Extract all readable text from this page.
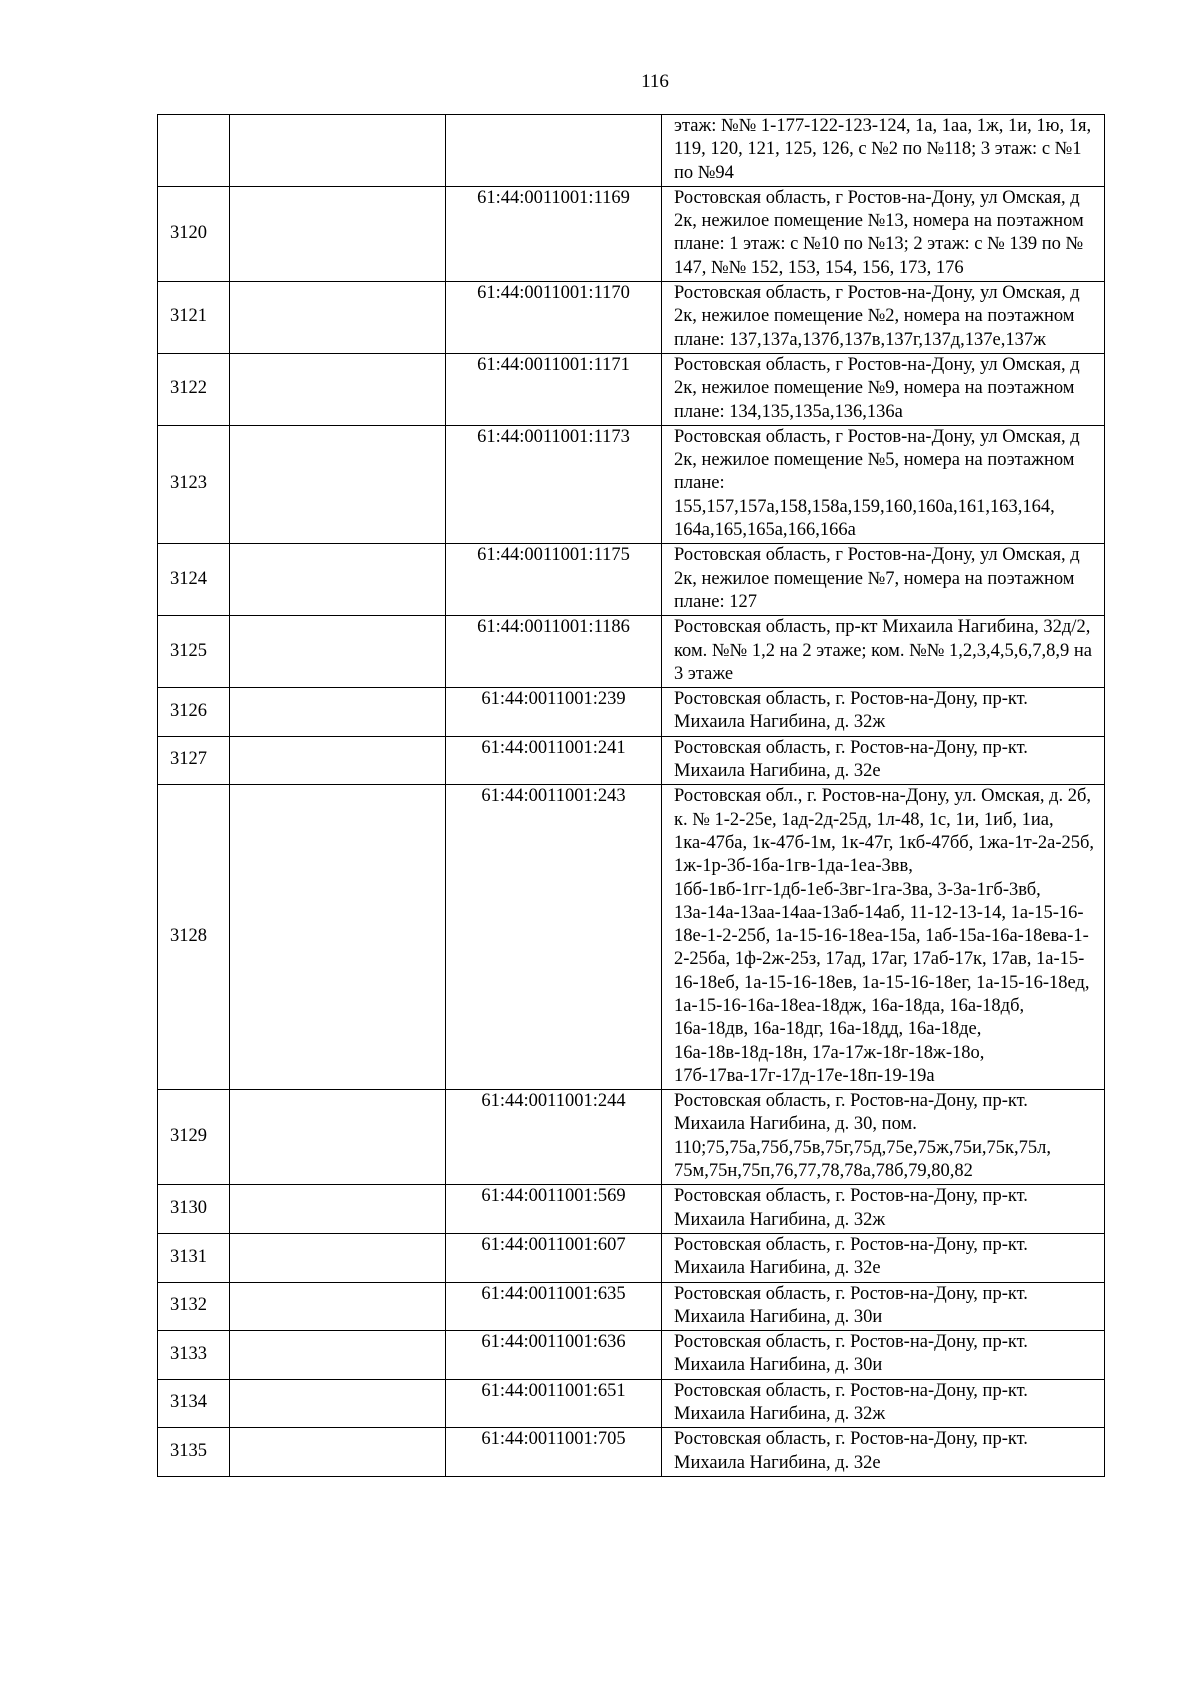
116
			этаж: №№ 1-177-122-123-124, 1а, 1аа, 1ж, 1и, 1ю, 1я, 119, 120, 121, 125, 126, с №2 по №118; 3 этаж: с №1 по №94
3120		61:44:0011001:1169	Ростовская область, г Ростов-на-Дону, ул Омская, д 2к, нежилое помещение №13, номера на поэтажном плане: 1 этаж: с №10 по №13; 2 этаж: с № 139 по № 147, №№ 152, 153, 154, 156, 173, 176
3121		61:44:0011001:1170	Ростовская область, г Ростов-на-Дону, ул Омская, д 2к, нежилое помещение №2, номера на поэтажном плане: 137,137а,137б,137в,137г,137д,137е,137ж
3122		61:44:0011001:1171	Ростовская область, г Ростов-на-Дону, ул Омская, д 2к, нежилое помещение №9, номера на поэтажном плане: 134,135,135а,136,136а
3123		61:44:0011001:1173	Ростовская область, г Ростов-на-Дону, ул Омская, д 2к, нежилое помещение №5, номера на поэтажном плане: 155,157,157а,158,158а,159,160,160а,161,163,164, 164а,165,165а,166,166а
3124		61:44:0011001:1175	Ростовская область, г Ростов-на-Дону, ул Омская, д 2к, нежилое помещение №7, номера на поэтажном плане: 127
3125		61:44:0011001:1186	Ростовская область, пр-кт Михаила Нагибина, 32д/2, ком. №№ 1,2 на 2 этаже; ком. №№ 1,2,3,4,5,6,7,8,9 на 3 этаже
3126		61:44:0011001:239	Ростовская область, г. Ростов-на-Дону, пр-кт. Михаила Нагибина, д. 32ж
3127		61:44:0011001:241	Ростовская область, г. Ростов-на-Дону, пр-кт. Михаила Нагибина, д. 32е
3128		61:44:0011001:243	Ростовская обл., г. Ростов-на-Дону, ул. Омская, д. 2б, к. № 1-2-25е, 1ад-2д-25д, 1л-48, 1с, 1и, 1иб, 1иа, 1ка-47ба, 1к-47б-1м, 1к-47г, 1кб-47бб, 1жа-1т-2а-25б, 1ж-1р-3б-1ба-1гв-1да-1еа-3вв, 1бб-1вб-1гг-1дб-1еб-3вг-1га-3ва, 3-3а-1гб-3вб, 13а-14а-13аа-14аа-13аб-14аб, 11-12-13-14, 1а-15-16-18е-1-2-25б, 1а-15-16-18еа-15а, 1аб-15а-16а-18ева-1-2-25ба, 1ф-2ж-25з, 17ад, 17аг, 17аб-17к, 17ав, 1а-15-16-18еб, 1а-15-16-18ев, 1а-15-16-18ег, 1а-15-16-18ед, 1а-15-16-16а-18еа-18дж, 16а-18да, 16а-18дб, 16а-18дв, 16а-18дг, 16а-18дд, 16а-18де, 16а-18в-18д-18н, 17а-17ж-18г-18ж-18о, 17б-17ва-17г-17д-17е-18п-19-19а
3129		61:44:0011001:244	Ростовская область, г. Ростов-на-Дону, пр-кт. Михаила Нагибина, д. 30, пом. 110;75,75а,75б,75в,75г,75д,75е,75ж,75и,75к,75л, 75м,75н,75п,76,77,78,78а,78б,79,80,82
3130		61:44:0011001:569	Ростовская область, г. Ростов-на-Дону, пр-кт. Михаила Нагибина, д. 32ж
3131		61:44:0011001:607	Ростовская область, г. Ростов-на-Дону, пр-кт. Михаила Нагибина, д. 32е
3132		61:44:0011001:635	Ростовская область, г. Ростов-на-Дону, пр-кт. Михаила Нагибина, д. 30и
3133		61:44:0011001:636	Ростовская область, г. Ростов-на-Дону, пр-кт. Михаила Нагибина, д. 30и
3134		61:44:0011001:651	Ростовская область, г. Ростов-на-Дону, пр-кт. Михаила Нагибина, д. 32ж
3135		61:44:0011001:705	Ростовская область, г. Ростов-на-Дону, пр-кт. Михаила Нагибина, д. 32е
